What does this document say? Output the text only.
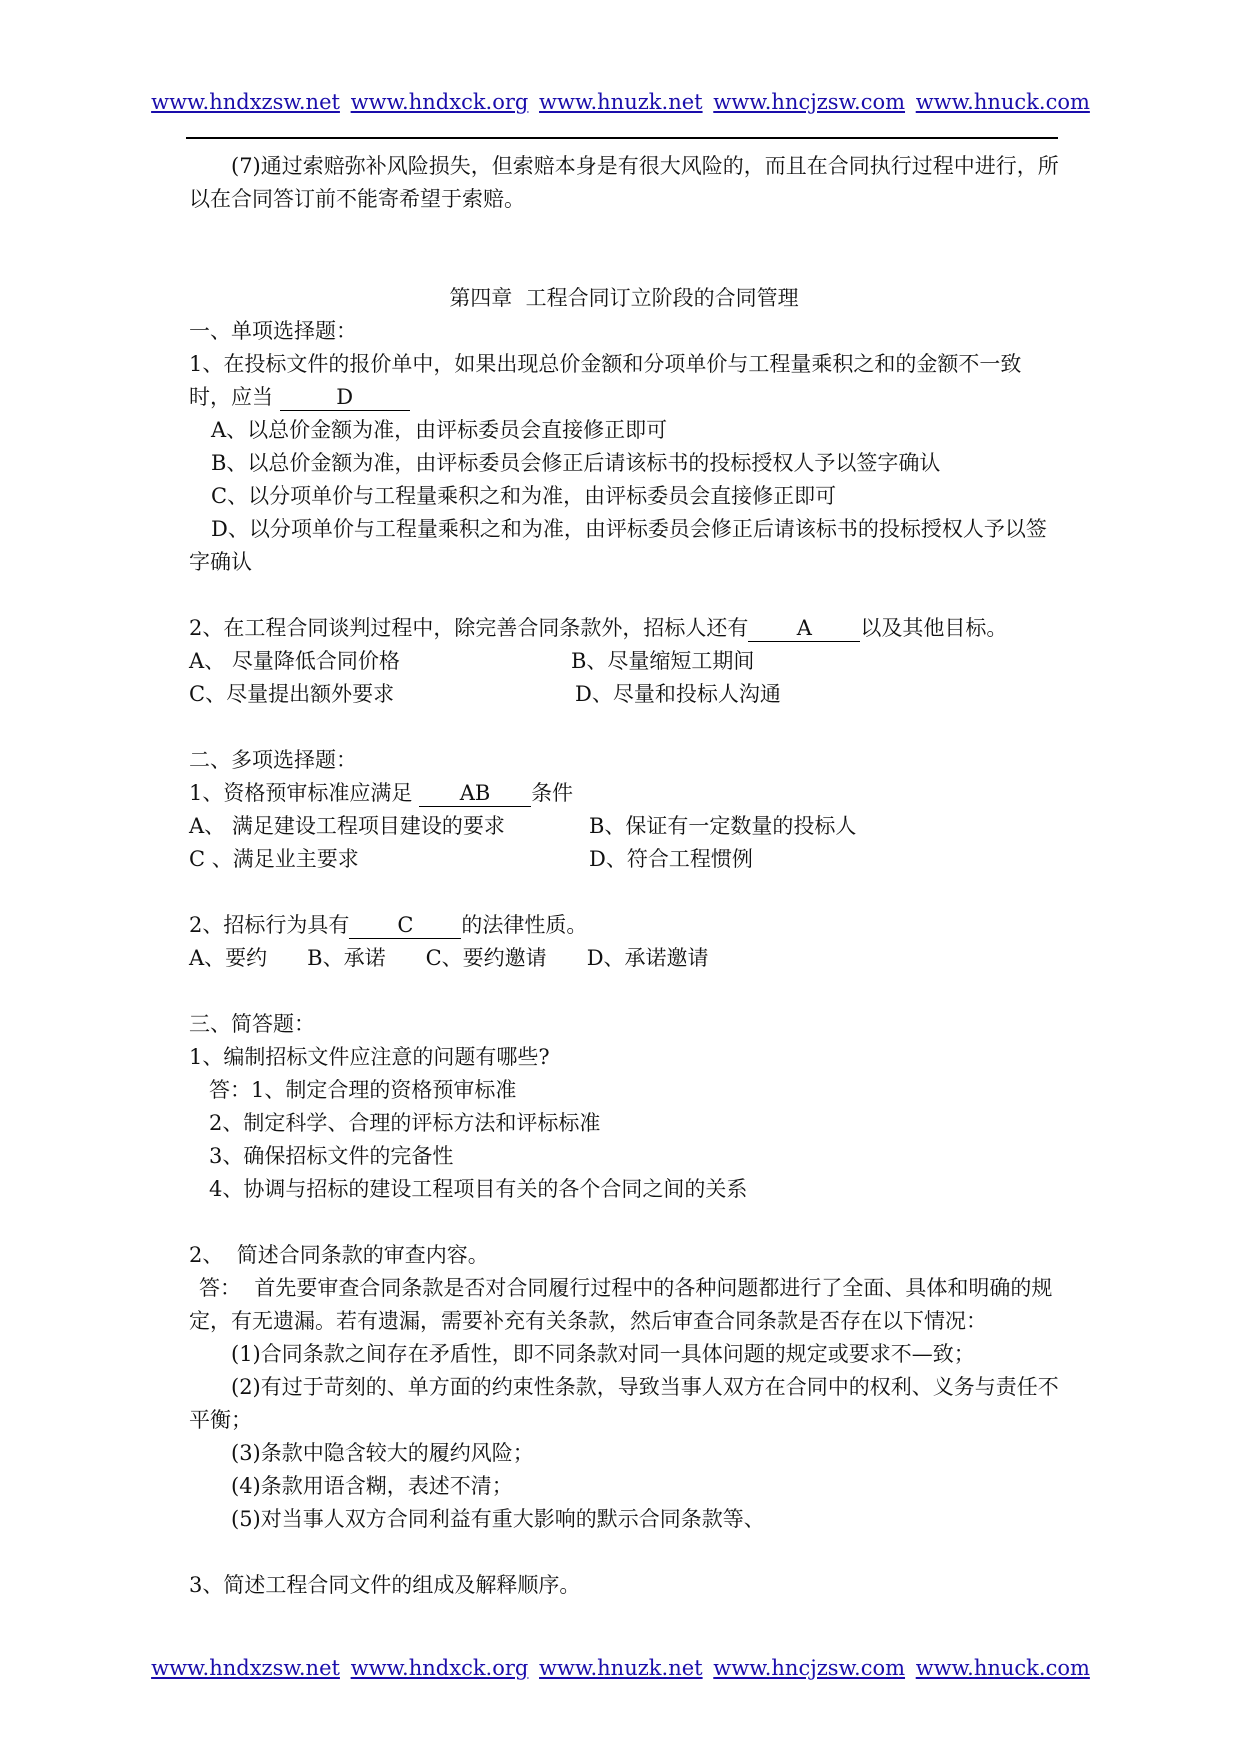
www.hndxzsw.net www.hndxck.org www.hnuzk.net www.hncjzsw.com www.hnuck.com

(7)通过索赔弥补风险损失，但索赔本身是有很大风险的，而且在合同执行过程中进行，所以在合同答订前不能寄希望于索赔。

第四章  工程合同订立阶段的合同管理

一、单项选择题：

1、在投标文件的报价单中，如果出现总价金额和分项单价与工程量乘积之和的金额不一致

时，应当	D

A、以总价金额为准，由评标委员会直接修正即可

B、以总价金额为准，由评标委员会修正后请该标书的投标授权人予以签字确认

C、以分项单价与工程量乘积之和为准，由评标委员会直接修正即可

D、以分项单价与工程量乘积之和为准，由评标委员会修正后请该标书的投标授权人予以签字确认

2、在工程合同谈判过程中，除完善合同条款外，招标人还有 A 以及其他目标。

A、 尽量降低合同价格	B、尽量缩短工期间
C、尽量提出额外要求	D、尽量和投标人沟通

二、多项选择题：

1、资格预审标准应满足 AB 条件

A、 满足建设工程项目建设的要求	B、保证有一定数量的投标人
C 、满足业主要求	D、符合工程惯例

2、招标行为具有 C 的法律性质。

A、要约 B、承诺 C、要约邀请 D、承诺邀请

三、简答题：

1、编制招标文件应注意的问题有哪些?

答：1、制定合理的资格预审标准

2、制定科学、合理的评标方法和评标标准

3、确保招标文件的完备性

4、协调与招标的建设工程项目有关的各个合同之间的关系

2、  简述合同条款的审查内容。

答：  首先要审查合同条款是否对合同履行过程中的各种问题都进行了全面、具体和明确的规定，有无遗漏。若有遗漏，需要补充有关条款，然后审查合同条款是否存在以下情况：

(1)合同条款之间存在矛盾性，即不同条款对同一具体问题的规定或要求不—致；

(2)有过于苛刻的、单方面的约束性条款，导致当事人双方在合同中的权利、义务与责任不平衡；

(3)条款中隐含较大的履约风险；

(4)条款用语含糊，表述不清；

(5)对当事人双方合同利益有重大影响的默示合同条款等、

3、简述工程合同文件的组成及解释顺序。

www.hndxzsw.net www.hndxck.org www.hnuzk.net www.hncjzsw.com www.hnuck.com
